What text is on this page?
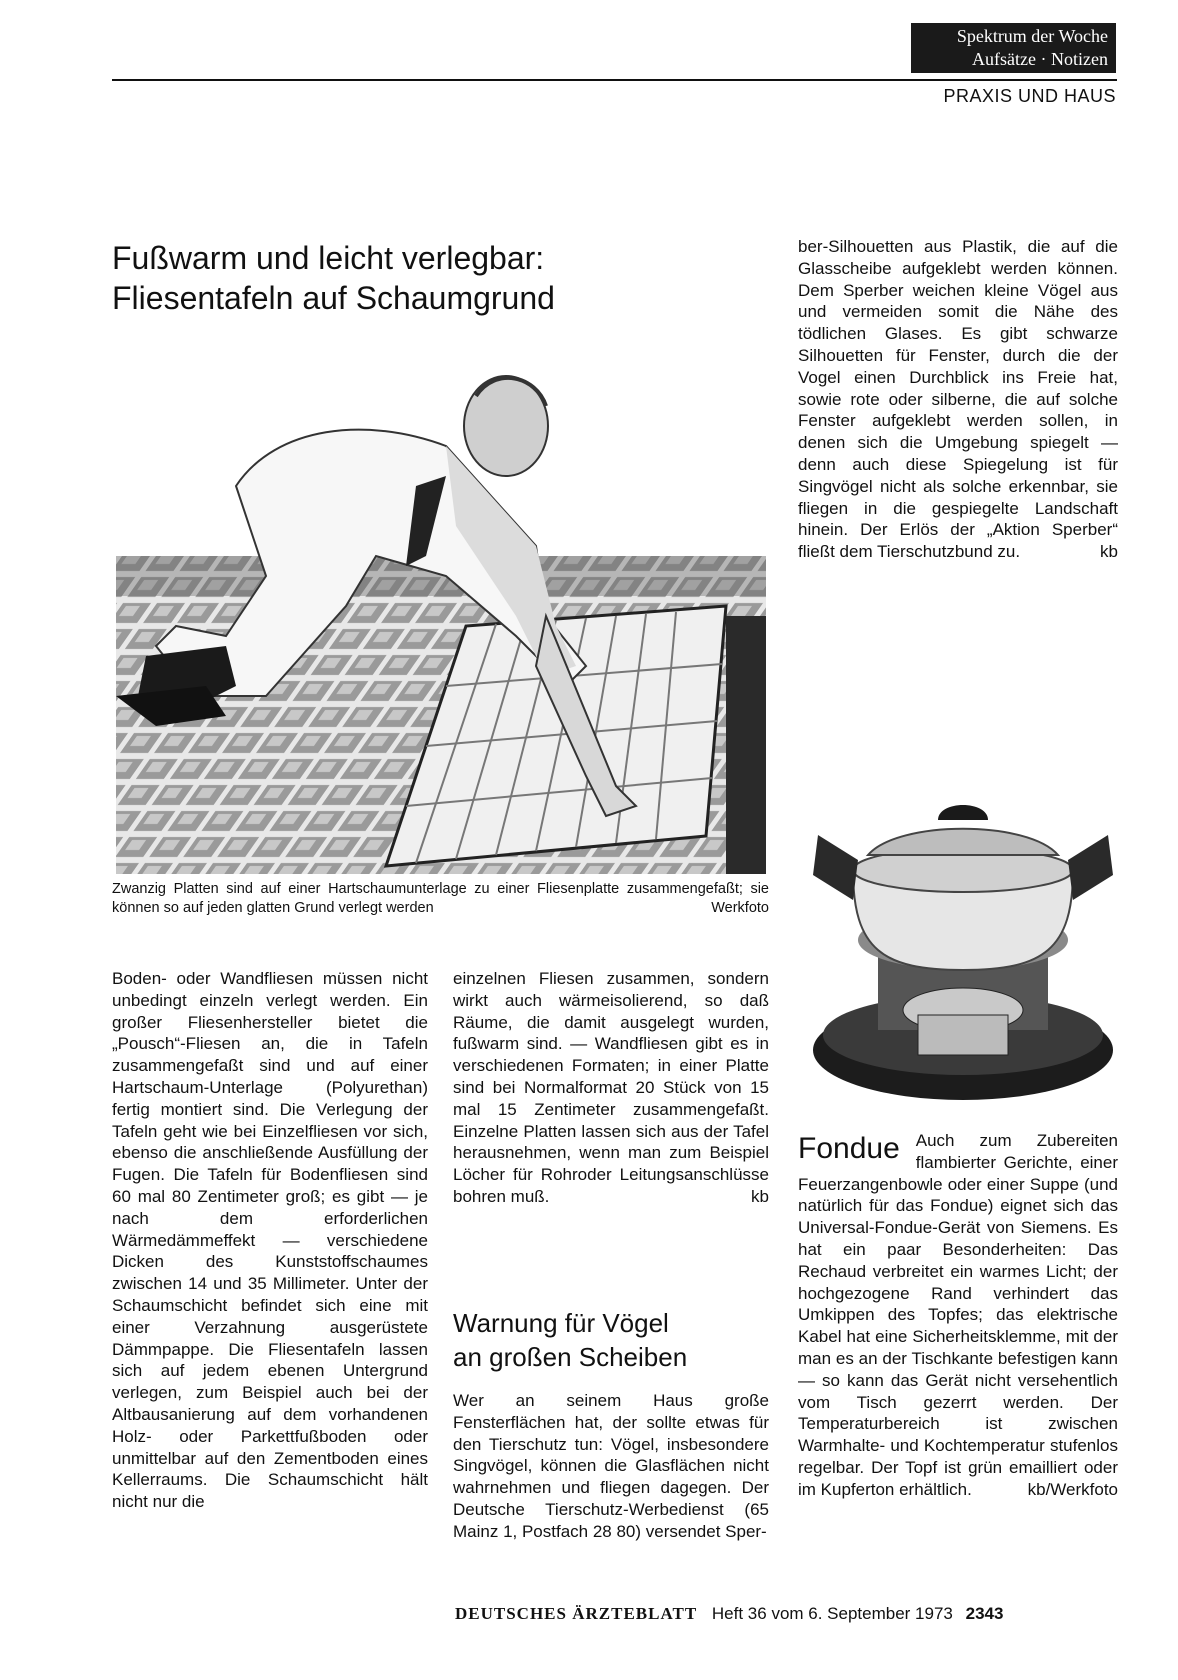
Spektrum der Woche
Aufsätze · Notizen
PRAXIS UND HAUS
Fußwarm und leicht verlegbar:
Fliesentafeln auf Schaumgrund
Zwanzig Platten sind auf einer Hartschaumunterlage zu einer Fliesenplatte zusammengefaßt; sie können so auf jeden glatten Grund verlegt werden	Werkfoto

Boden- oder Wandfliesen müssen nicht unbedingt einzeln verlegt werden. Ein großer Fliesenhersteller bietet die „Pousch“-Fliesen an, die in Tafeln zusammengefaßt sind und auf einer Hartschaum-Unterlage (Polyurethan) fertig montiert sind. Die Verlegung der Tafeln geht wie bei Einzelfliesen vor sich, ebenso die anschließende Ausfüllung der Fugen. Die Tafeln für Bodenfliesen sind 60 mal 80 Zentimeter groß; es gibt — je nach dem erforderlichen Wärmedämmeffekt — verschiedene Dicken des Kunststoffschaumes zwischen 14 und 35 Millimeter. Unter der Schaumschicht befindet sich eine mit einer Verzahnung ausgerüstete Dämmpappe. Die Fliesentafeln lassen sich auf jedem ebenen Untergrund verlegen, zum Beispiel auch bei der Altbausanierung auf dem vorhandenen Holz- oder Parkettfußboden oder unmittelbar auf den Zementboden eines Kellerraums. Die Schaumschicht hält nicht nur die

einzelnen Fliesen zusammen, sondern wirkt auch wärmeisolierend, so daß Räume, die damit ausgelegt wurden, fußwarm sind. — Wandfliesen gibt es in verschiedenen Formaten; in einer Platte sind bei Normalformat 20 Stück von 15 mal 15 Zentimeter zusammengefaßt. Einzelne Platten lassen sich aus der Tafel herausnehmen, wenn man zum Beispiel Löcher für Rohroder Leitungsanschlüsse bohren muß.	kb

Warnung für Vögel
an großen Scheiben

Wer an seinem Haus große Fensterflächen hat, der sollte etwas für den Tierschutz tun: Vögel, insbesondere Singvögel, können die Glasflächen nicht wahrnehmen und fliegen dagegen. Der Deutsche Tierschutz-Werbedienst (65 Mainz 1, Postfach 28 80) versendet Sper-

ber-Silhouetten aus Plastik, die auf die Glasscheibe aufgeklebt werden können. Dem Sperber weichen kleine Vögel aus und vermeiden somit die Nähe des tödlichen Glases. Es gibt schwarze Silhouetten für Fenster, durch die der Vogel einen Durchblick ins Freie hat, sowie rote oder silberne, die auf solche Fenster aufgeklebt werden sollen, in denen sich die Umgebung spiegelt — denn auch diese Spiegelung ist für Singvögel nicht als solche erkennbar, sie fliegen in die gespiegelte Landschaft hinein. Der Erlös der „Aktion Sperber“ fließt dem Tierschutzbund zu.	kb

Fondue Auch zum Zubereiten flambierter Gerichte, einer Feuerzangenbowle oder einer Suppe (und natürlich für das Fondue) eignet sich das Universal-Fondue-Gerät von Siemens. Es hat ein paar Besonderheiten: Das Rechaud verbreitet ein warmes Licht; der hochgezogene Rand verhindert das Umkippen des Topfes; das elektrische Kabel hat eine Sicherheitsklemme, mit der man es an der Tischkante befestigen kann — so kann das Gerät nicht versehentlich vom Tisch gezerrt werden. Der Temperaturbereich ist zwischen Warmhalte- und Kochtemperatur stufenlos regelbar. Der Topf ist grün emailliert oder im Kupferton erhältlich.	kb/Werkfoto

DEUTSCHES ÄRZTEBLATT Heft 36 vom 6. September 1973 2343
